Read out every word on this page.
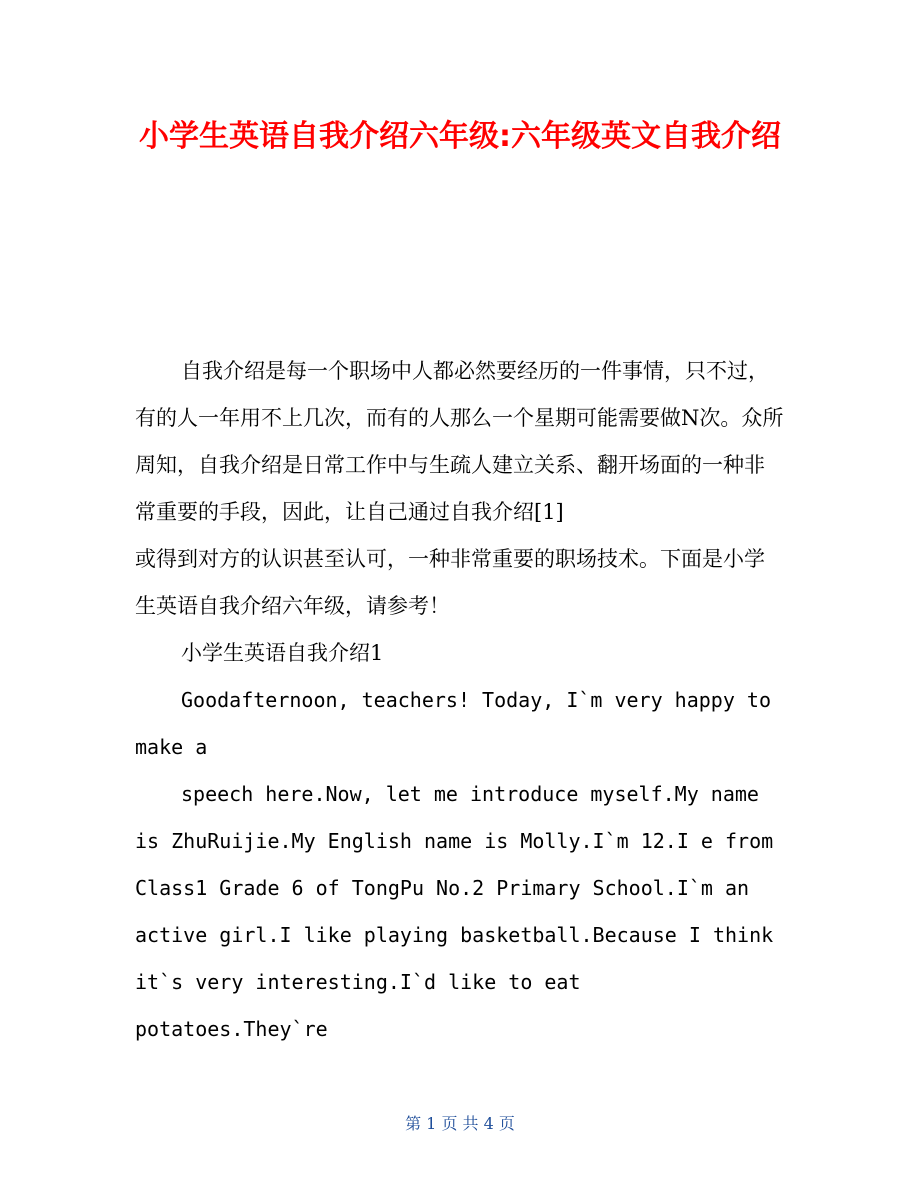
小学生英语自我介绍六年级:六年级英文自我介绍

自我介绍是每一个职场中人都必然要经历的一件事情，只不过，有的人一年用不上几次，而有的人那么一个星期可能需要做N次。众所周知，自我介绍是日常工作中与生疏人建立关系、翻开场面的一种非常重要的手段，因此，让自己通过自我介绍[1]

或得到对方的认识甚至认可，一种非常重要的职场技术。下面是小学生英语自我介绍六年级，请参考！

小学生英语自我介绍1

Goodafternoon, teachers! Today, I`m very happy to make a

speech here.Now, let me introduce myself.My name is ZhuRuijie.My English name is Molly.I`m 12.I e from Class1 Grade 6 of TongPu No.2 Primary School.I`m an active girl.I like playing basketball.Because I think it`s very interesting.I`d like to eat potatoes.They`re

第 1 页 共 4 页
